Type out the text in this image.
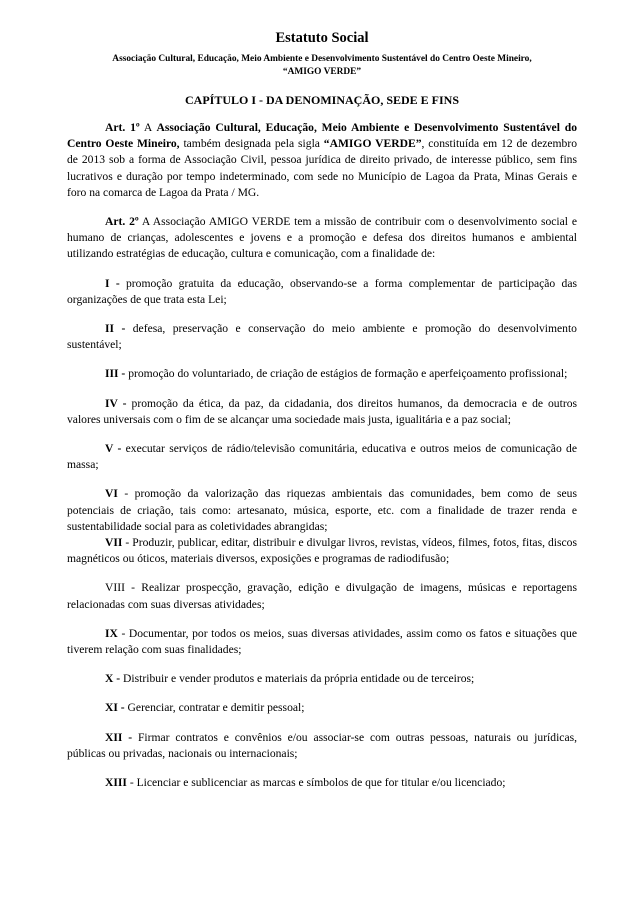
Estatuto Social
Associação Cultural, Educação, Meio Ambiente e Desenvolvimento Sustentável do Centro Oeste Mineiro,
“AMIGO VERDE”
CAPÍTULO I - DA DENOMINAÇÃO, SEDE E FINS

Art. 1º A Associação Cultural, Educação, Meio Ambiente e Desenvolvimento Sustentável do Centro Oeste Mineiro, também designada pela sigla “AMIGO VERDE”, constituída em 12 de dezembro de 2013 sob a forma de Associação Civil, pessoa jurídica de direito privado, de interesse público, sem fins lucrativos e duração por tempo indeterminado, com sede no Município de Lagoa da Prata, Minas Gerais e foro na comarca de Lagoa da Prata / MG.

Art. 2º A Associação AMIGO VERDE tem a missão de contribuir com o desenvolvimento social e humano de crianças, adolescentes e jovens e a promoção e defesa dos direitos humanos e ambiental utilizando estratégias de educação, cultura e comunicação, com a finalidade de:

I - promoção gratuita da educação, observando-se a forma complementar de participação das organizações de que trata esta Lei;

II - defesa, preservação e conservação do meio ambiente e promoção do desenvolvimento sustentável;

III - promoção do voluntariado, de criação de estágios de formação e aperfeiçoamento profissional;

IV - promoção da ética, da paz, da cidadania, dos direitos humanos, da democracia e de outros valores universais com o fim de se alcançar uma sociedade mais justa, igualitária e a paz social;

V - executar serviços de rádio/televisão comunitária, educativa e outros meios de comunicação de massa;

VI - promoção da valorização das riquezas ambientais das comunidades, bem como de seus potenciais de criação, tais como: artesanato, música, esporte, etc. com a finalidade de trazer renda e sustentabilidade social para as coletividades abrangidas;

VII - Produzir, publicar, editar, distribuir e divulgar livros, revistas, vídeos, filmes, fotos, fitas, discos magnéticos ou óticos, materiais diversos, exposições e programas de radiodifusão;

VIII - Realizar prospecção, gravação, edição e divulgação de imagens, músicas e reportagens relacionadas com suas diversas atividades;

IX - Documentar, por todos os meios, suas diversas atividades, assim como os fatos e situações que tiverem relação com suas finalidades;

X - Distribuir e vender produtos e materiais da própria entidade ou de terceiros;

XI - Gerenciar, contratar e demitir pessoal;

XII - Firmar contratos e convênios e/ou associar-se com outras pessoas, naturais ou jurídicas, públicas ou privadas, nacionais ou internacionais;

XIII - Licenciar e sublicenciar as marcas e símbolos de que for titular e/ou licenciado;
